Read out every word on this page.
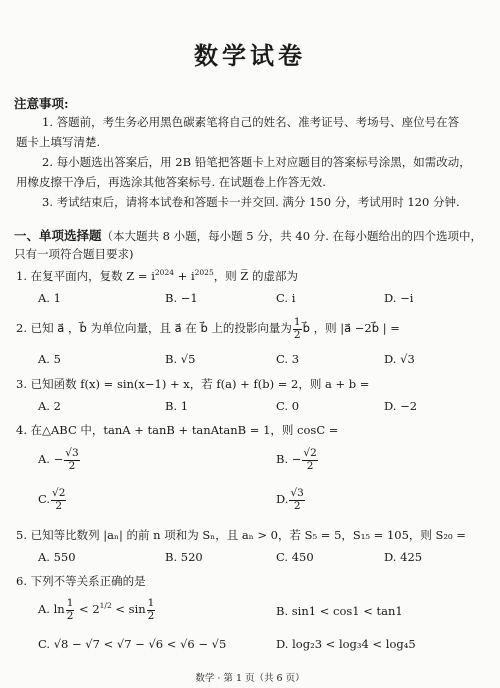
数学试卷
注意事项:
1. 答题前，考生务必用黑色碳素笔将自己的姓名、准考证号、考场号、座位号在答
题卡上填写清楚.
2. 每小题选出答案后，用 2B 铅笔把答题卡上对应题目的答案标号涂黑，如需改动，
用橡皮擦干净后，再选涂其他答案标号. 在试题卷上作答无效.
3. 考试结束后，请将本试卷和答题卡一并交回. 满分 150 分，考试用时 120 分钟.
一、单项选择题（本大题共 8 小题，每小题 5 分，共 40 分. 在每小题给出的四个选项中，
只有一项符合题目要求)
1. 在复平面内，复数 $Z = i^{2024} + i^{2025}$，则 Z̅ 的虚部为
A. 1	B. −1	C. i	D. −i
2. 已知 a⃗ ，b⃗ 为单位向量，且 a⃗ 在 b⃗ 上的投影向量为 $\frac{1}{2}$ b⃗ ，则 |a⃗ −2b⃗ | =
A. 5	B. √5	C. 3	D. √3
3. 已知函数 f(x) = sin(x−1) + x，若 f(a) + f(b) = 2，则 a + b =
A. 2	B. 1	C. 0	D. −2
4. 在△ABC 中，tanA + tanB + tanAtanB = 1，则 cosC =
A. − $\frac{√3}{2}$	B. − $\frac{√2}{2}$
C. $\frac{√2}{2}$	D. $\frac{√3}{2}$
5. 已知等比数列 |aₙ| 的前 n 项和为 Sₙ，且 aₙ > 0，若 S₅ = 5，S₁₅ = 105，则 S₂₀ =
A. 550	B. 520	C. 450	D. 425
6. 下列不等关系正确的是
A. $\ln \frac{1}{2} < 2^{1/2} < \sin \frac{1}{2}$	B. sin1 < cos1 < tan1
C. √8 − √7 < √7 − √6 < √6 − √5	D. log₂3 < log₃4 < log₄5
数学 · 第 1 页（共 6 页）
